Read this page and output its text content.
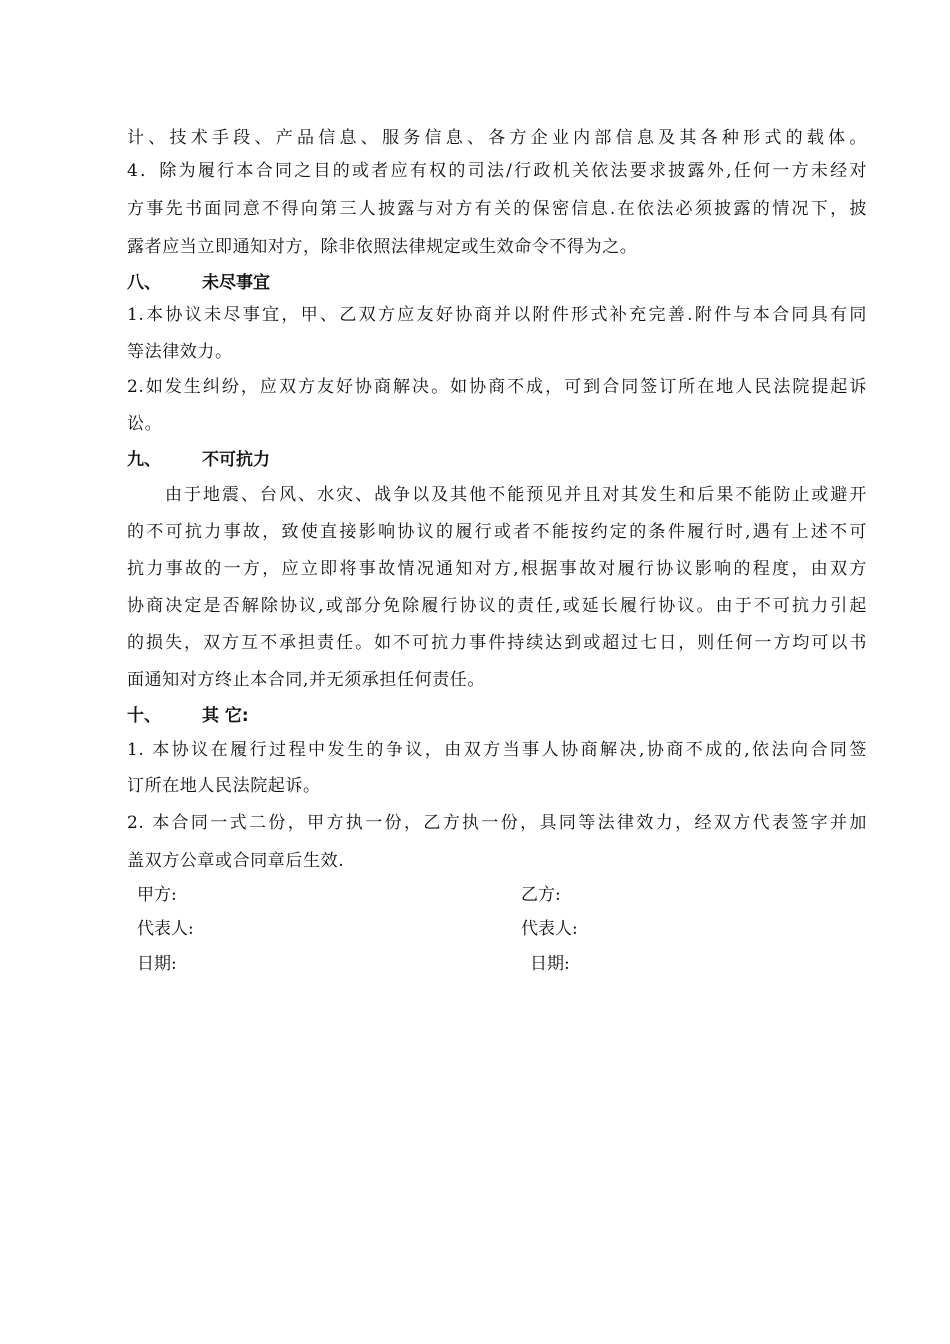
计、技术手段、产品信息、服务信息、各方企业内部信息及其各种形式的载体。
4．除为履行本合同之目的或者应有权的司法/行政机关依法要求披露外,任何一方未经对
方事先书面同意不得向第三人披露与对方有关的保密信息.在依法必须披露的情况下，披
露者应当立即通知对方，除非依照法律规定或生效命令不得为之。
八、 未尽事宜
1.本协议未尽事宜，甲、乙双方应友好协商并以附件形式补充完善.附件与本合同具有同
等法律效力。
2.如发生纠纷，应双方友好协商解决。如协商不成，可到合同签订所在地人民法院提起诉
讼。
九、 不可抗力
由于地震、台风、水灾、战争以及其他不能预见并且对其发生和后果不能防止或避开
的不可抗力事故，致使直接影响协议的履行或者不能按约定的条件履行时,遇有上述不可
抗力事故的一方，应立即将事故情况通知对方,根据事故对履行协议影响的程度，由双方
协商决定是否解除协议,或部分免除履行协议的责任,或延长履行协议。由于不可抗力引起
的损失，双方互不承担责任。如不可抗力事件持续达到或超过七日，则任何一方均可以书
面通知对方终止本合同,并无须承担任何责任。
十、 其 它:
1. 本协议在履行过程中发生的争议，由双方当事人协商解决,协商不成的,依法向合同签
订所在地人民法院起诉。
2. 本合同一式二份，甲方执一份，乙方执一份，具同等法律效力，经双方代表签字并加
盖双方公章或合同章后生效.
甲方:	乙方:
代表人:	代表人:
日期:	日期:
